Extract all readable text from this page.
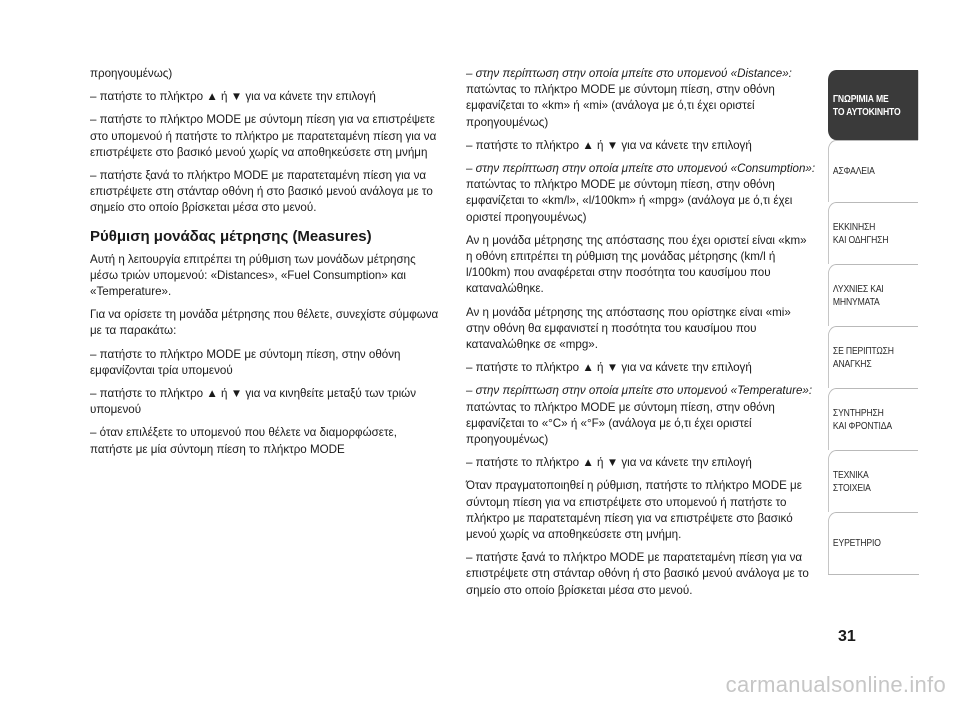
προηγουμένως)

– πατήστε το πλήκτρο ▲ ή ▼ για να κάνετε την επιλογή

– πατήστε το πλήκτρο MODE με σύντομη πίεση για να επιστρέψετε στο υπομενού ή πατήστε το πλήκτρο με παρατεταμένη πίεση για να επιστρέψετε στο βασικό μενού χωρίς να αποθηκεύσετε στη μνήμη

– πατήστε ξανά το πλήκτρο MODE με παρατεταμένη πίεση για να επιστρέψετε στη στάνταρ οθόνη ή στο βασικό μενού ανάλογα με το σημείο στο οποίο βρίσκεται μέσα στο μενού.

Ρύθμιση μονάδας μέτρησης (Measures)

Αυτή η λειτουργία επιτρέπει τη ρύθμιση των μονάδων μέτρησης μέσω τριών υπομενού: «Distances», «Fuel Consumption» και «Temperature».

Για να ορίσετε τη μονάδα μέτρησης που θέλετε, συνεχίστε σύμφωνα με τα παρακάτω:

– πατήστε το πλήκτρο MODE με σύντομη πίεση, στην οθόνη εμφανίζονται τρία υπομενού

– πατήστε το πλήκτρο ▲ ή ▼ για να κινηθείτε μεταξύ των τριών υπομενού

– όταν επιλέξετε το υπομενού που θέλετε να διαμορφώσετε, πατήστε με μία σύντομη πίεση το πλήκτρο MODE

– στην περίπτωση στην οποία μπείτε στο υπομενού «Distance»: πατώντας το πλήκτρο MODE με σύντομη πίεση, στην οθόνη εμφανίζεται το «km» ή «mi» (ανάλογα με ό,τι έχει οριστεί προηγουμένως)

– πατήστε το πλήκτρο ▲ ή ▼ για να κάνετε την επιλογή

– στην περίπτωση στην οποία μπείτε στο υπομενού «Consumption»: πατώντας το πλήκτρο MODE με σύντομη πίεση, στην οθόνη εμφανίζεται το «km/l», «l/100km» ή «mpg» (ανάλογα με ό,τι έχει οριστεί προηγουμένως)

Αν η μονάδα μέτρησης της απόστασης που έχει οριστεί είναι «km» η οθόνη επιτρέπει τη ρύθμιση της μονάδας μέτρησης (km/l ή l/100km) που αναφέρεται στην ποσότητα του καυσίμου που καταναλώθηκε.

Αν η μονάδα μέτρησης της απόστασης που ορίστηκε είναι «mi» στην οθόνη θα εμφανιστεί η ποσότητα του καυσίμου που καταναλώθηκε σε «mpg».

– πατήστε το πλήκτρο ▲ ή ▼ για να κάνετε την επιλογή

– στην περίπτωση στην οποία μπείτε στο υπομενού «Temperature»: πατώντας το πλήκτρο MODE με σύντομη πίεση, στην οθόνη εμφανίζεται το «°C» ή «°F» (ανάλογα με ό,τι έχει οριστεί προηγουμένως)

– πατήστε το πλήκτρο ▲ ή ▼ για να κάνετε την επιλογή

Όταν πραγματοποιηθεί η ρύθμιση, πατήστε το πλήκτρο MODE με σύντομη πίεση για να επιστρέψετε στο υπομενού ή πατήστε το πλήκτρο με παρατεταμένη πίεση για να επιστρέψετε στο βασικό μενού χωρίς να αποθηκεύσετε στη μνήμη.

– πατήστε ξανά το πλήκτρο MODE με παρατεταμένη πίεση για να επιστρέψετε στη στάνταρ οθόνη ή στο βασικό μενού ανάλογα με το σημείο στο οποίο βρίσκεται μέσα στο μενού.

ΓΝΩΡΙΜΙΑ ΜΕ
ΤΟ ΑΥΤΟΚΙΝΗΤΟ
ΑΣΦΑΛΕΙΑ
ΕΚΚΙΝΗΣΗ
ΚΑΙ ΟΔΗΓΗΣΗ
ΛΥΧΝΙΕΣ ΚΑΙ
ΜΗΝΥΜΑΤΑ
ΣΕ ΠΕΡΙΠΤΩΣΗ
ΑΝΑΓΚΗΣ
ΣΥΝΤΗΡΗΣΗ
ΚΑΙ ΦΡΟΝΤΙΔΑ
ΤΕΧΝΙΚΑ
ΣΤΟΙΧΕΙΑ
ΕΥΡΕΤΗΡΙΟ
31
carmanualsonline.info
